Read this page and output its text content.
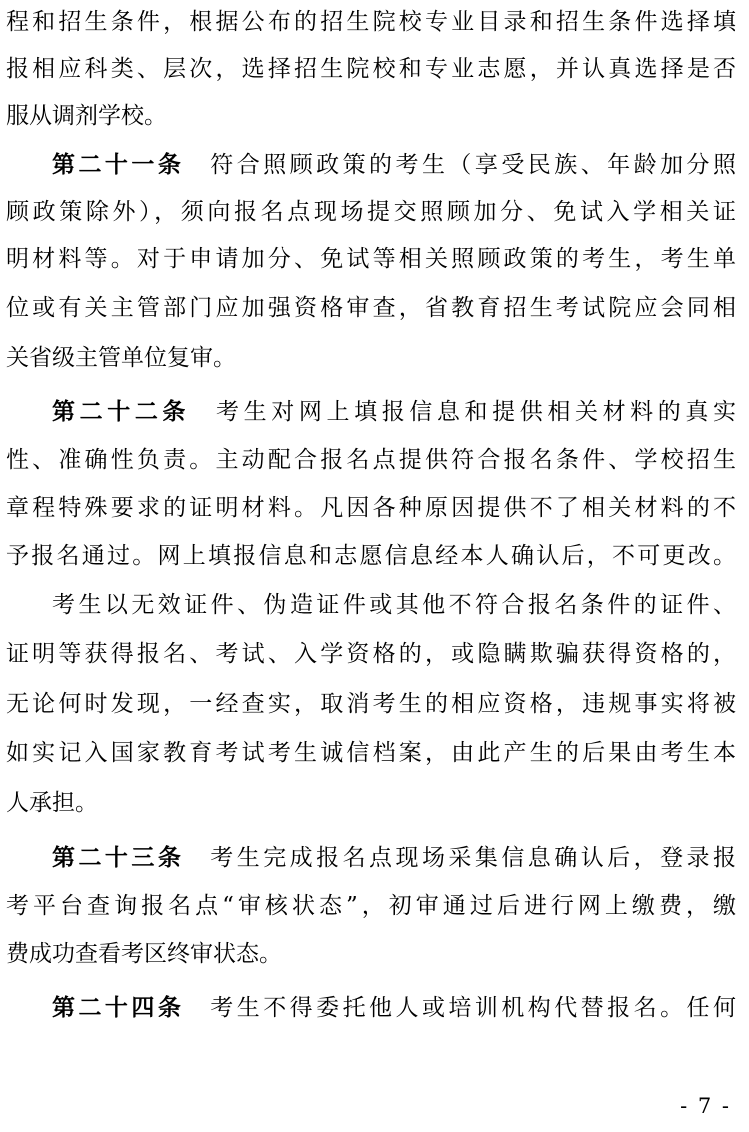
程和招生条件，根据公布的招生院校专业目录和招生条件选择填
报相应科类、层次，选择招生院校和专业志愿，并认真选择是否
服从调剂学校。
第二十一条 符合照顾政策的考生（享受民族、年龄加分照
顾政策除外），须向报名点现场提交照顾加分、免试入学相关证
明材料等。对于申请加分、免试等相关照顾政策的考生，考生单
位或有关主管部门应加强资格审查，省教育招生考试院应会同相
关省级主管单位复审。
第二十二条 考生对网上填报信息和提供相关材料的真实
性、准确性负责。主动配合报名点提供符合报名条件、学校招生
章程特殊要求的证明材料。凡因各种原因提供不了相关材料的不
予报名通过。网上填报信息和志愿信息经本人确认后，不可更改。
考生以无效证件、伪造证件或其他不符合报名条件的证件、
证明等获得报名、考试、入学资格的，或隐瞒欺骗获得资格的，
无论何时发现，一经查实，取消考生的相应资格，违规事实将被
如实记入国家教育考试考生诚信档案，由此产生的后果由考生本
人承担。
第二十三条 考生完成报名点现场采集信息确认后，登录报
考平台查询报名点“审核状态”，初审通过后进行网上缴费，缴
费成功查看考区终审状态。
第二十四条 考生不得委托他人或培训机构代替报名。任何
- 7 -
